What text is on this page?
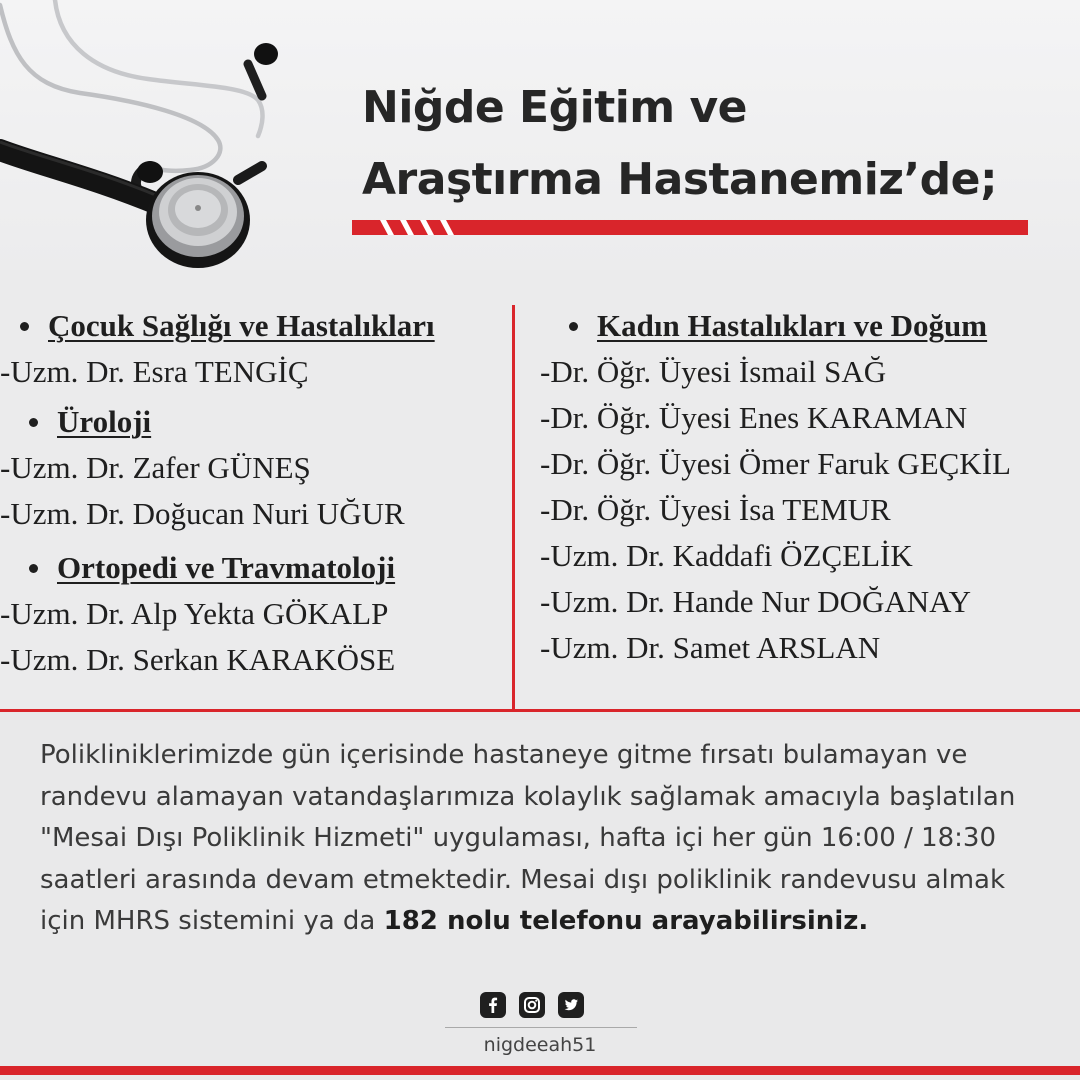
Niğde Eğitim ve
Araştırma Hastanemiz’de;
Çocuk Sağlığı ve Hastalıkları
-Uzm. Dr. Esra TENGİÇ
Üroloji
-Uzm. Dr. Zafer GÜNEŞ
-Uzm. Dr. Doğucan Nuri UĞUR
Ortopedi ve Travmatoloji
-Uzm. Dr. Alp Yekta GÖKALP
-Uzm. Dr. Serkan KARAKÖSE
Kadın Hastalıkları ve Doğum
-Dr. Öğr. Üyesi İsmail SAĞ
-Dr. Öğr. Üyesi Enes KARAMAN
-Dr. Öğr. Üyesi Ömer Faruk GEÇKİL
-Dr. Öğr. Üyesi İsa TEMUR
-Uzm. Dr. Kaddafi ÖZÇELİK
-Uzm. Dr. Hande Nur DOĞANAY
-Uzm. Dr. Samet ARSLAN

Polikliniklerimizde gün içerisinde hastaneye gitme fırsatı bulamayan ve randevu alamayan vatandaşlarımıza kolaylık sağlamak amacıyla başlatılan "Mesai Dışı Poliklinik Hizmeti" uygulaması, hafta içi her gün 16:00 / 18:30 saatleri arasında devam etmektedir. Mesai dışı poliklinik randevusu almak için MHRS sistemini ya da 182 nolu telefonu arayabilirsiniz.

nigdeeah51
